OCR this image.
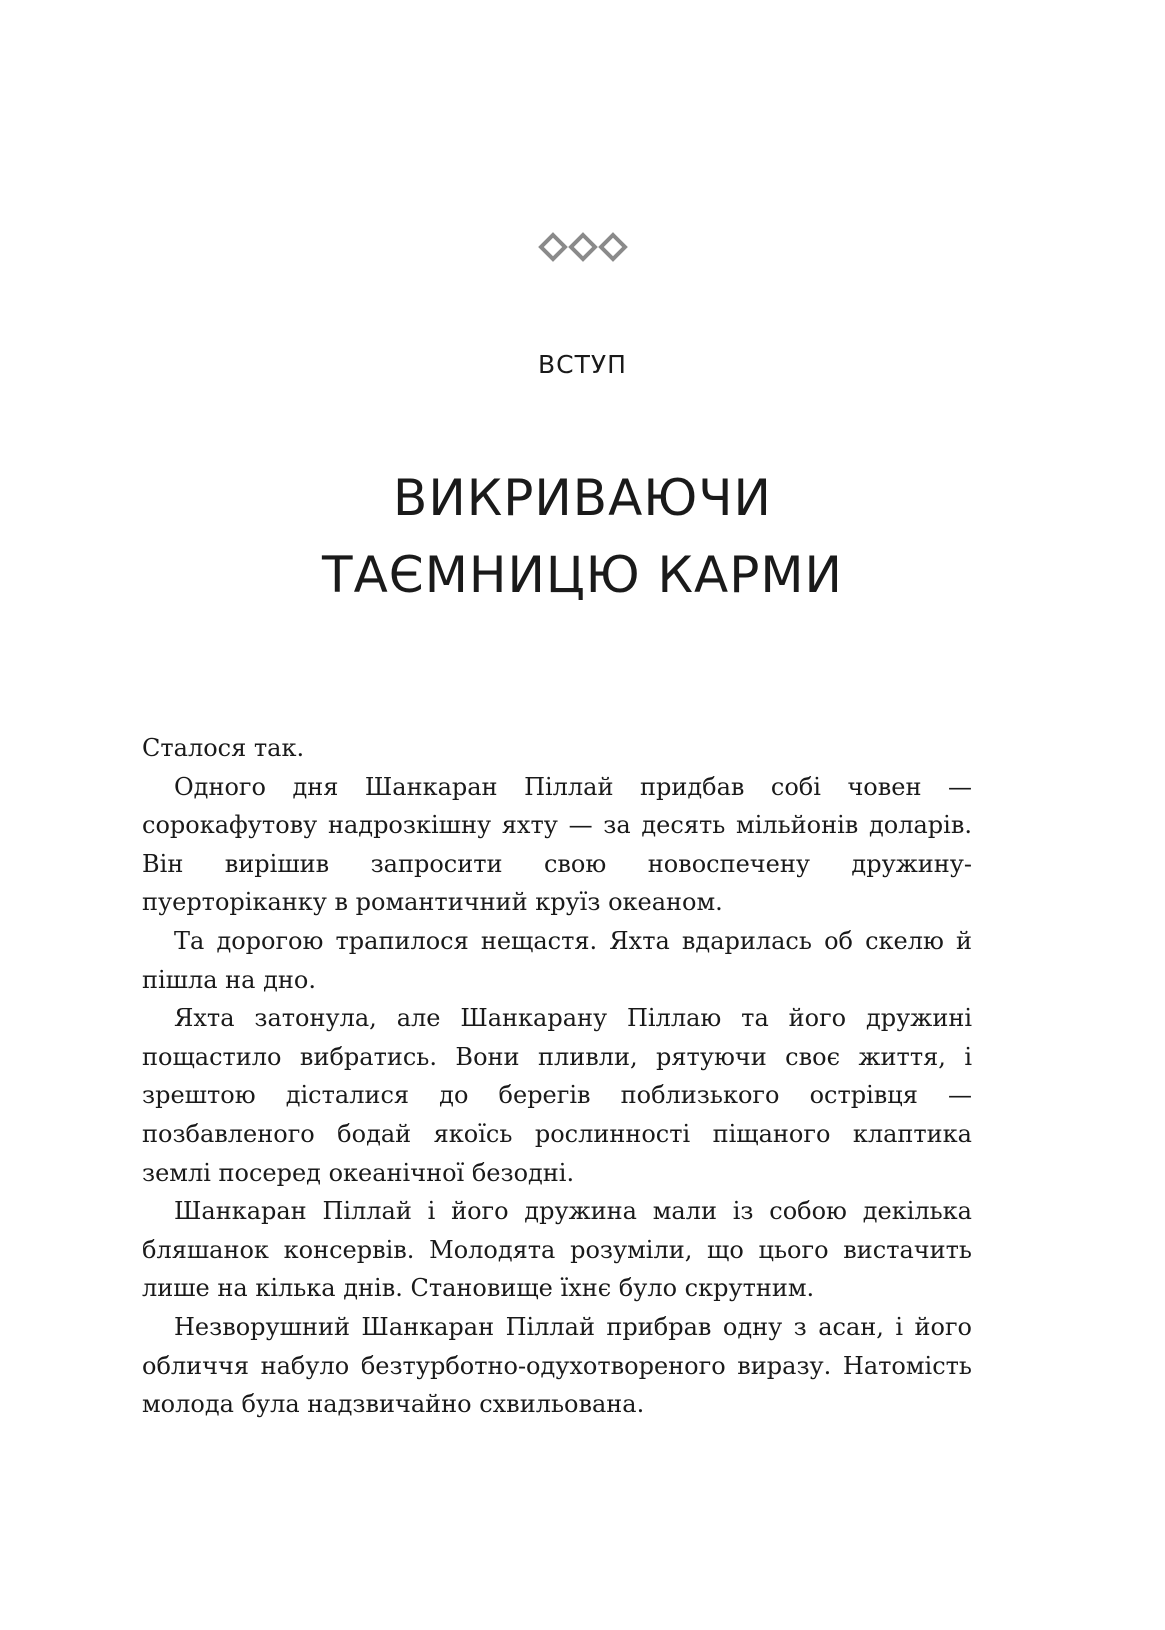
ВСТУП
ВИКРИВАЮЧИ
ТАЄМНИЦЮ КАРМИ

Сталося так.

Одного дня Шанкаран Піллай придбав собі човен — сорокафутову надрозкішну яхту — за десять мільйонів доларів. Він вирішив запросити свою новоспечену дружину-пуерторіканку в романтичний круїз океаном.

Та дорогою трапилося нещастя. Яхта вдарилась об скелю й пішла на дно.

Яхта затонула, але Шанкарану Піллаю та його дружині пощастило вибратись. Вони пливли, рятуючи своє життя, і зрештою дісталися до берегів поблизького острівця — позбавленого бодай якоїсь рослинності піщаного клаптика землі посеред океанічної безодні.

Шанкаран Піллай і його дружина мали із собою декілька бляшанок консервів. Молодята розуміли, що цього вистачить лише на кілька днів. Становище їхнє було скрутним.

Незворушний Шанкаран Піллай прибрав одну з асан, і його обличчя набуло безтурботно-одухотвореного виразу. Натомість молода була надзвичайно схвильована.
